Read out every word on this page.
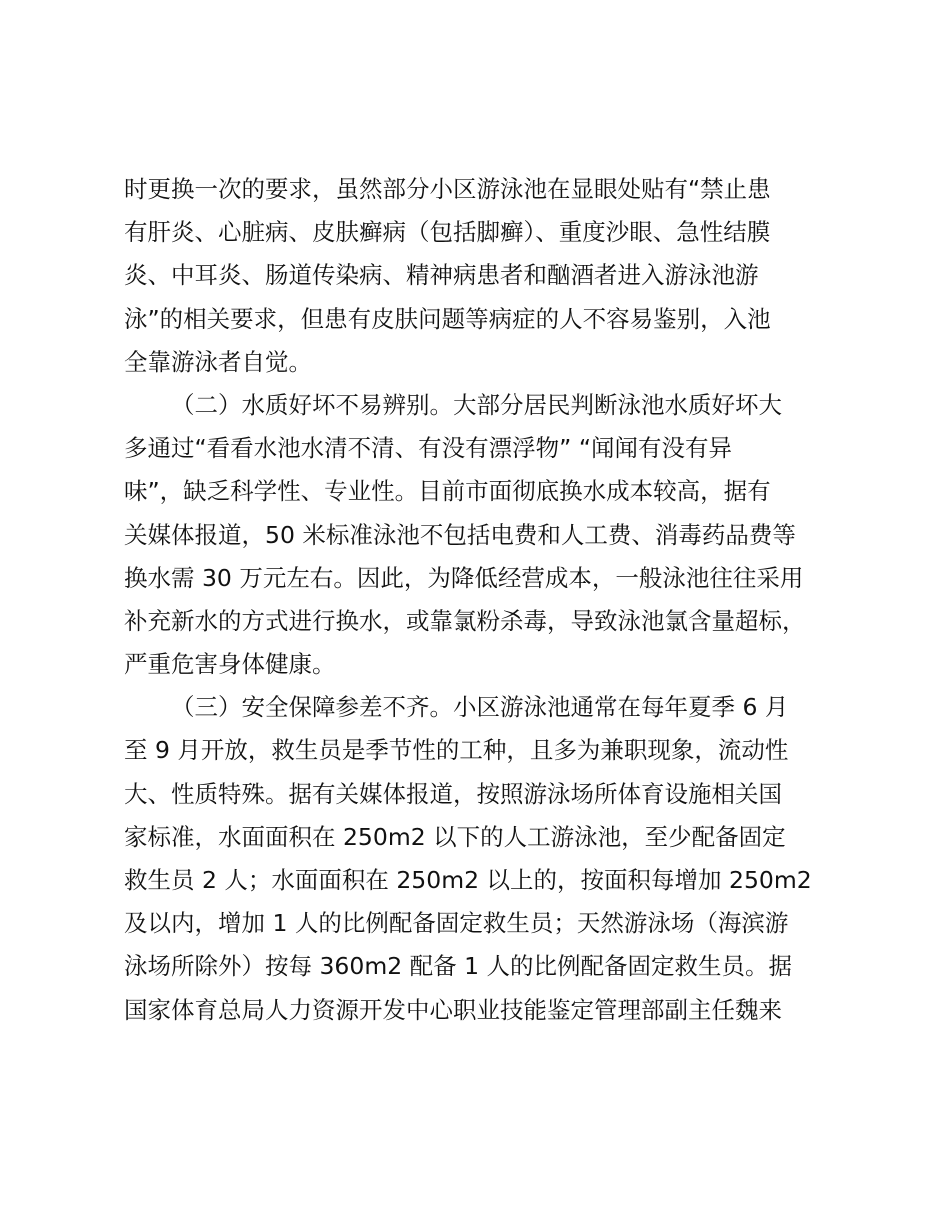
时更换一次的要求，虽然部分小区游泳池在显眼处贴有“禁止患
有肝炎、心脏病、皮肤癣病（包括脚癣）、重度沙眼、急性结膜
炎、中耳炎、肠道传染病、精神病患者和酗酒者进入游泳池游
泳”的相关要求，但患有皮肤问题等病症的人不容易鉴别，入池
全靠游泳者自觉。
（二）水质好坏不易辨别。大部分居民判断泳池水质好坏大
多通过“看看水池水清不清、有没有漂浮物” “闻闻有没有异
味”，缺乏科学性、专业性。目前市面彻底换水成本较高，据有
关媒体报道，50 米标准泳池不包括电费和人工费、消毒药品费等
换水需 30 万元左右。因此，为降低经营成本，一般泳池往往采用
补充新水的方式进行换水，或靠氯粉杀毒，导致泳池氯含量超标，
严重危害身体健康。
（三）安全保障参差不齐。小区游泳池通常在每年夏季 6 月
至 9 月开放，救生员是季节性的工种，且多为兼职现象，流动性
大、性质特殊。据有关媒体报道，按照游泳场所体育设施相关国
家标准，水面面积在 250m2 以下的人工游泳池，至少配备固定
救生员 2 人；水面面积在 250m2 以上的，按面积每增加 250m2
及以内，增加 1 人的比例配备固定救生员；天然游泳场（海滨游
泳场所除外）按每 360m2 配备 1 人的比例配备固定救生员。据
国家体育总局人力资源开发中心职业技能鉴定管理部副主任魏来
